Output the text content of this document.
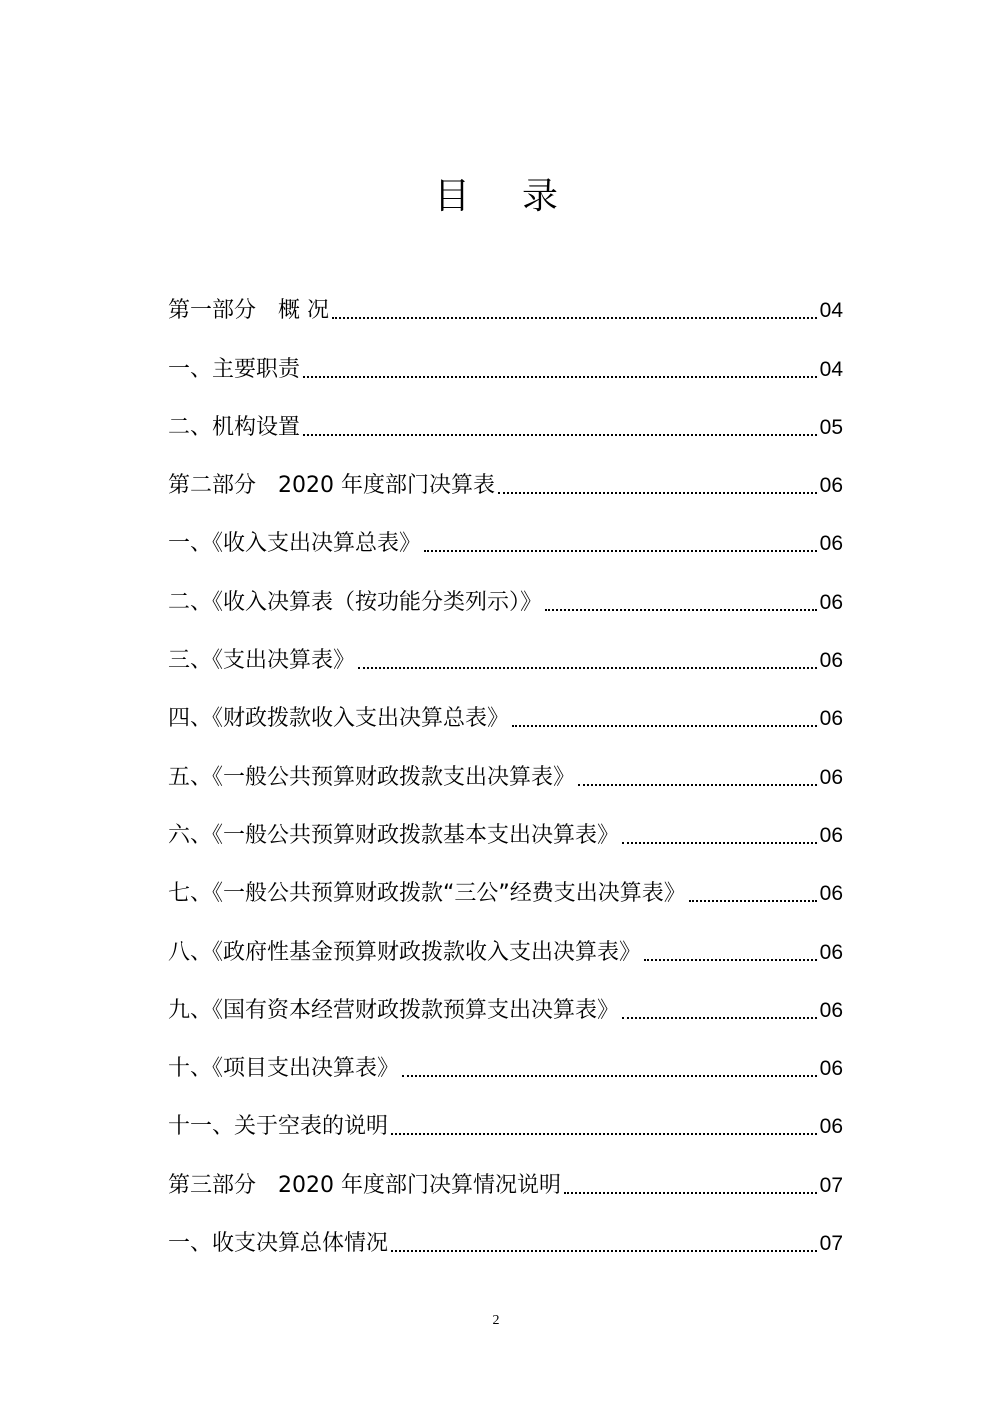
目录
第一部分　概 况	04
一、主要职责	04
二、机构设置	05
第二部分　2020 年度部门决算表	06
一、《收入支出决算总表》	06
二、《收入决算表（按功能分类列示）》	06
三、《支出决算表》	06
四、《财政拨款收入支出决算总表》	06
五、《一般公共预算财政拨款支出决算表》	06
六、《一般公共预算财政拨款基本支出决算表》	06
七、《一般公共预算财政拨款“三公”经费支出决算表》	06
八、《政府性基金预算财政拨款收入支出决算表》	06
九、《国有资本经营财政拨款预算支出决算表》	06
十、《项目支出决算表》	06
十一、关于空表的说明	06
第三部分　2020 年度部门决算情况说明	07
一、收支决算总体情况	07
2
